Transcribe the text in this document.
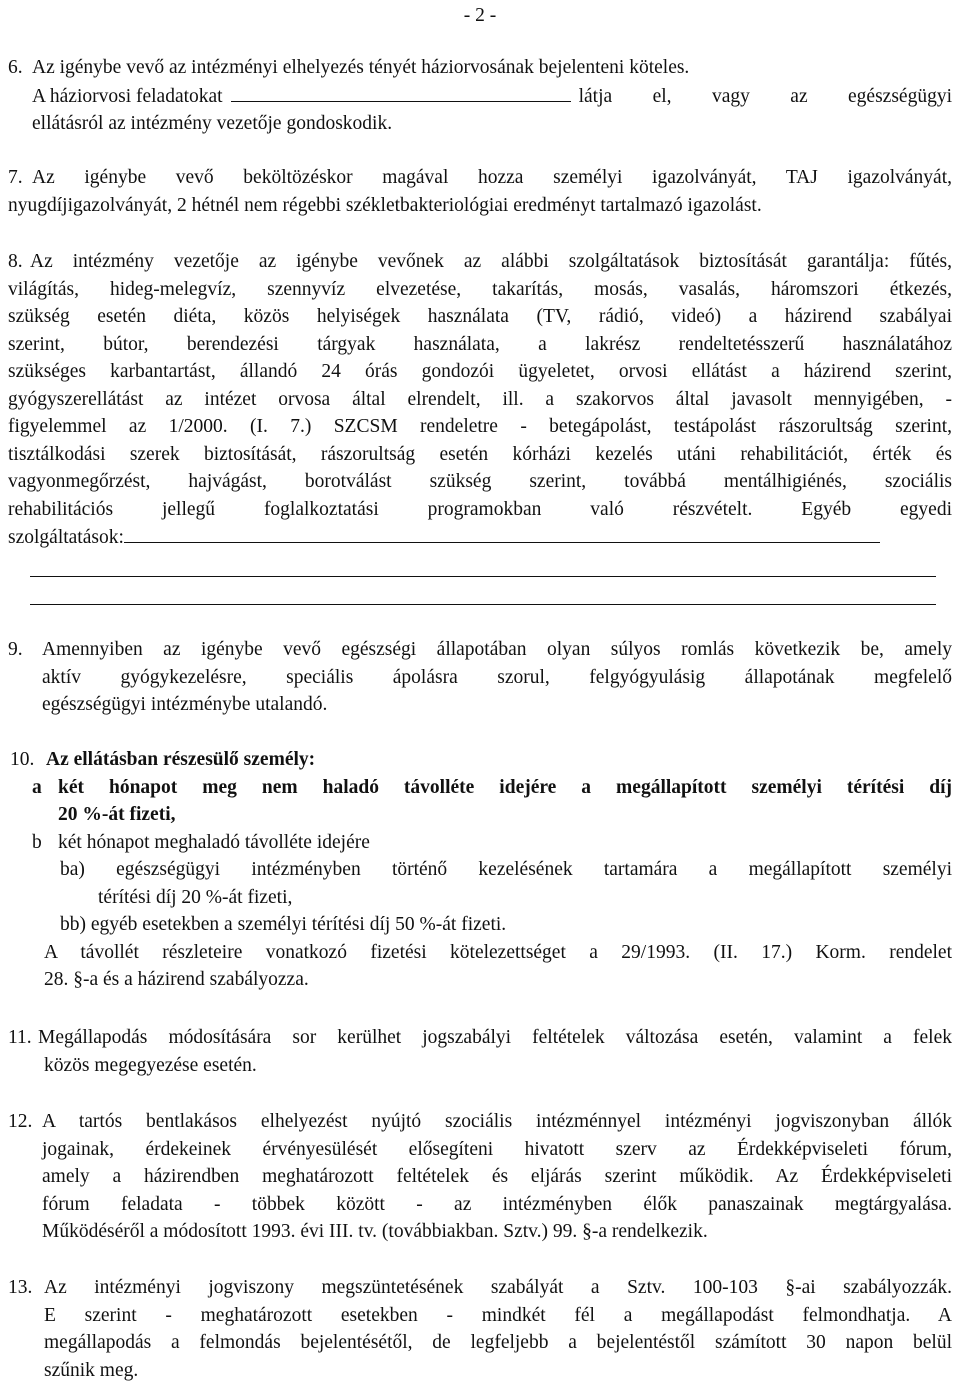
- 2 -
6. Az igénybe vevő az intézményi elhelyezés tényét háziorvosának bejelenteni köteles.
A háziorvosi feladatokat	látja el, vagy az egészségügyi
ellátásról az intézmény vezetője gondoskodik.
7. Az igénybe vevő beköltözéskor magával hozza személyi igazolványát, TAJ igazolványát,
nyugdíjigazolványát, 2 hétnél nem régebbi székletbakteriológiai eredményt tartalmazó igazolást.
8. Az intézmény vezetője az igénybe vevőnek az alábbi szolgáltatások biztosítását garantálja: fűtés,
világítás, hideg-melegvíz, szennyvíz elvezetése, takarítás, mosás, vasalás, háromszori étkezés,
szükség esetén diéta, közös helyiségek használata (TV, rádió, videó) a házirend szabályai
szerint, bútor, berendezési tárgyak használata, a lakrész rendeltetésszerű használatához
szükséges karbantartást, állandó 24 órás gondozói ügyeletet, orvosi ellátást a házirend szerint,
gyógyszerellátást az intézet orvosa által elrendelt, ill. a szakorvos által javasolt mennyigében, -
figyelemmel az 1/2000. (I. 7.) SZCSM rendeletre - betegápolást, testápolást rászorultság szerint,
tisztálkodási szerek biztosítását, rászorultság esetén kórházi kezelés utáni rehabilitációt, érték és
vagyonmegőrzést, hajvágást, borotválást szükség szerint, továbbá mentálhigiénés, szociális
rehabilitációs jellegű foglalkoztatási programokban való részvételt. Egyéb egyedi
szolgáltatások:
9. Amennyiben az igénybe vevő egészségi állapotában olyan súlyos romlás következik be, amely
aktív gyógykezelésre, speciális ápolásra szorul, felgyógyulásig állapotának megfelelő
egészségügyi intézménybe utalandó.
10. Az ellátásban részesülő személy:
a két hónapot meg nem haladó távolléte idejére a megállapított személyi térítési díj
20 %-át fizeti,
b két hónapot meghaladó távolléte idejére
ba) egészségügyi intézményben történő kezelésének tartamára a megállapított személyi
térítési díj 20 %-át fizeti,
bb) egyéb esetekben a személyi térítési díj 50 %-át fizeti.
A távollét részleteire vonatkozó fizetési kötelezettséget a 29/1993. (II. 17.) Korm. rendelet
28. §-a és a házirend szabályozza.
11. Megállapodás módosítására sor kerülhet jogszabályi feltételek változása esetén, valamint a felek
közös megegyezése esetén.
12. A tartós bentlakásos elhelyezést nyújtó szociális intézménnyel intézményi jogviszonyban állók
jogainak, érdekeinek érvényesülését elősegíteni hivatott szerv az Érdekképviseleti fórum,
amely a házirendben meghatározott feltételek és eljárás szerint működik. Az Érdekképviseleti
fórum feladata - többek között - az intézményben élők panaszainak megtárgyalása.
Működéséről a módosított 1993. évi III. tv. (továbbiakban. Sztv.) 99. §-a rendelkezik.
13. Az intézményi jogviszony megszüntetésének szabályát a Sztv. 100-103 §-ai szabályozzák.
E szerint - meghatározott esetekben - mindkét fél a megállapodást felmondhatja. A
megállapodás a felmondás bejelentésétől, de legfeljebb a bejelentéstől számított 30 napon belül
szűnik meg.
